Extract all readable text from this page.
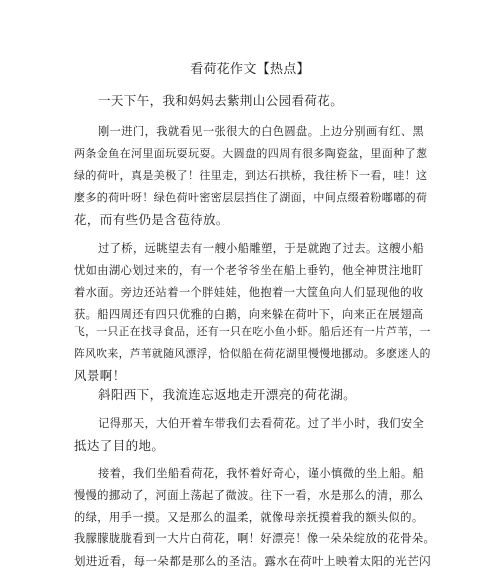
看荷花作文【热点】
一天下午，我和妈妈去紫荆山公园看荷花。
刚一进门，我就看见一张很大的白色圆盘。上边分别画有红、黑
两条金鱼在河里面玩耍玩耍。大圆盘的四周有很多陶瓷盆，里面种了葱
绿的荷叶，真是美极了！往里走，到达石拱桥，我往桥下一看，哇！这
麼多的荷叶呀！绿色荷叶密密层层挡住了湖面，中间点缀着粉嘟嘟的荷
花，而有些仍是含苞待放。
过了桥，远眺望去有一艘小船雕塑，于是就跑了过去。这艘小船
忧如由湖心划过来的，有一个老爷爷坐在船上垂钓，他全神贯注地盯
着水面。旁边还站着一个胖娃娃，他抱着一大筐鱼向人们显现他的收
获。船四周还有四只优雅的白鹅，向来躲在荷叶下，向来正在展翅高
飞，一只正在找寻食品，还有一只在吃小鱼小虾。船后还有一片芦苇，一
阵风吹来，芦苇就随风漂浮，恰似船在荷花湖里慢慢地挪动。多麽迷人的
风景啊！
斜阳西下，我流连忘返地走开漂亮的荷花湖。
记得那天，大伯开着车带我们去看荷花。过了半小时，我们安全
抵达了目的地。
接着，我们坐船看荷花，我怀着好奇心，谨小慎微的坐上船。船
慢慢的挪动了，河面上荡起了微波。往下一看，水是那么的清，那么
的绿，用手一摸。又是那么的温柔，就像母亲抚摸着我的额头似的。
我朦朦胧胧看到一大片白荷花，啊！好漂亮！像一朵朵绽放的花骨朵。
划进近看，每一朵都是那么的圣洁。露水在荷叶上映着太阳的光芒闪
